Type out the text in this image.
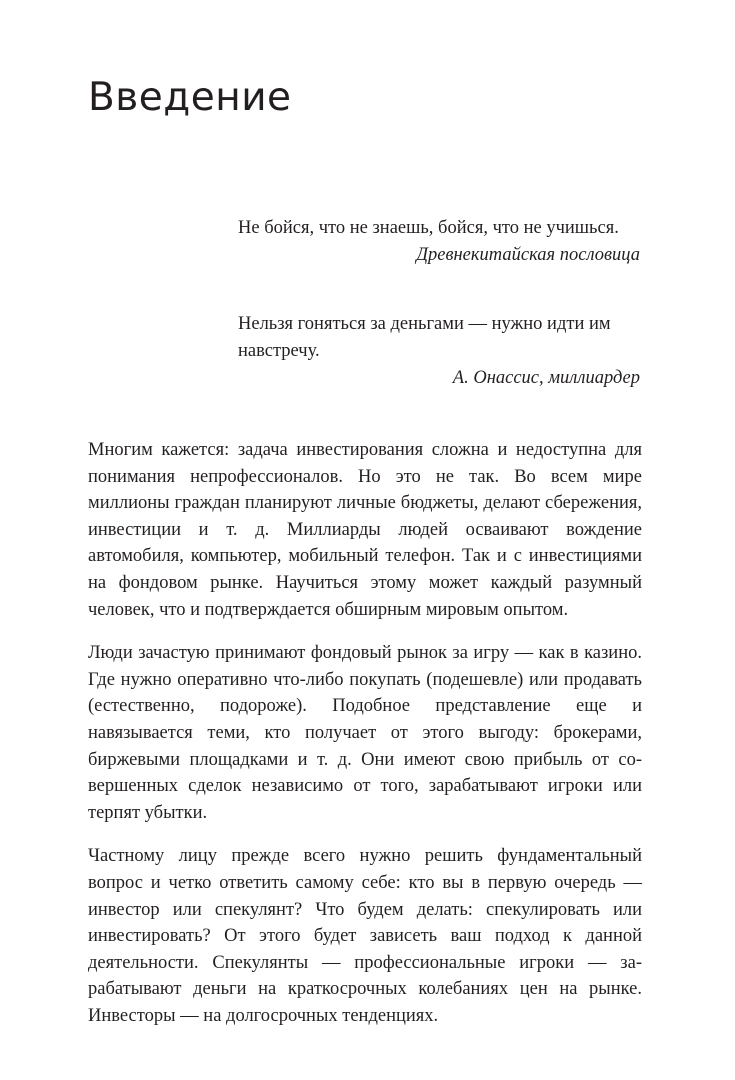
Введение

Не бойся, что не знаешь, бойся, что не учишься.

Древнекитайская пословица

Нельзя гоняться за деньгами — нужно идти им навстречу.

А. Онассис, миллиардер

Многим кажется: задача инвестирования сложна и недоступна для понимания непрофессионалов. Но это не так. Во всем мире миллионы граждан планируют личные бюджеты, делают сбережения, инвестиции и т. д. Миллиарды людей осваивают вождение автомобиля, компьютер, мобильный телефон. Так и с инвестициями на фондовом рынке. Научиться этому может каждый разумный человек, что и подтверждается обширным мировым опытом.

Люди зачастую принимают фондовый рынок за игру — как в казино. Где нужно оперативно что-либо покупать (подешевле) или продавать (естественно, подороже). Подобное представление еще и навязывается теми, кто получает от этого выгоду: брокерами, биржевыми площадками и т. д. Они имеют свою прибыль от совершенных сделок независимо от того, зарабатывают игроки или терпят убытки.

Частному лицу прежде всего нужно решить фундаментальный вопрос и четко ответить самому себе: кто вы в первую очередь — инвестор или спекулянт? Что будем делать: спекулировать или инвестировать? От этого будет зависеть ваш подход к данной деятельности. Спекулянты — профессиональные игроки — зарабатывают деньги на краткосрочных колебаниях цен на рынке. Инвесторы — на долгосрочных тенденциях.
